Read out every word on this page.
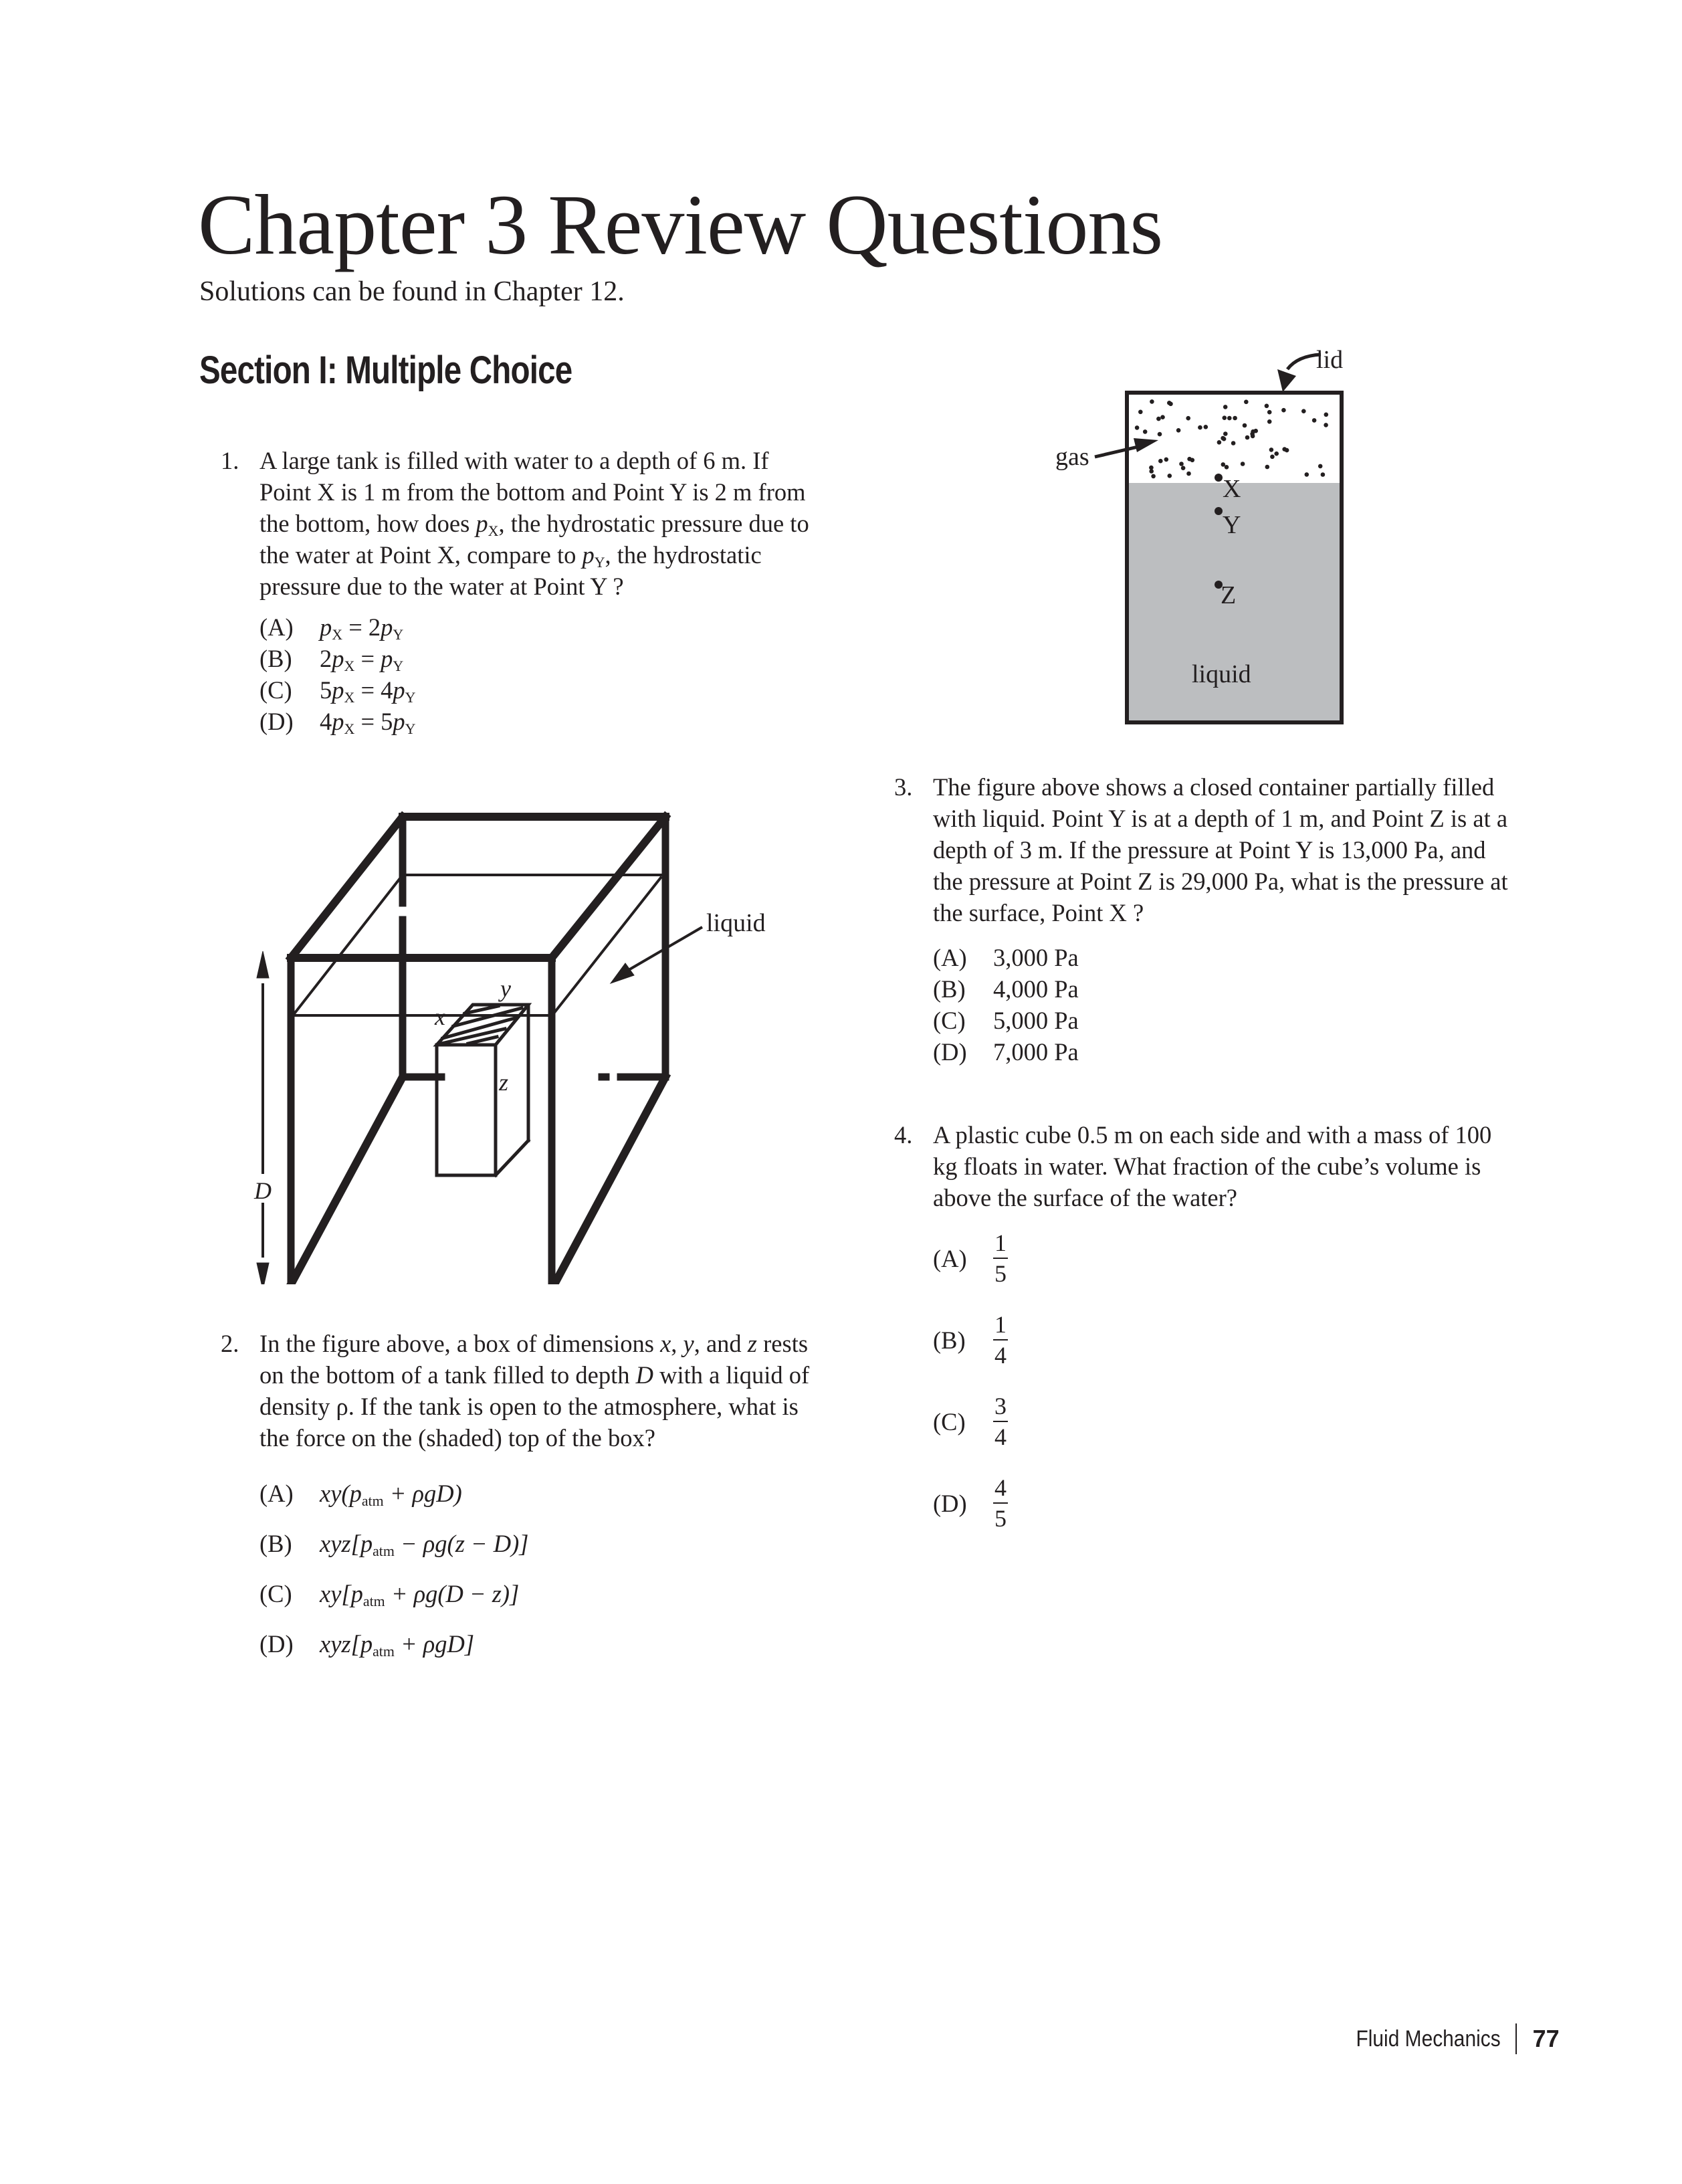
Chapter 3 Review Questions

Solutions can be found in Chapter 12.

Section I: Multiple Choice
1. A large tank is filled with water to a depth of 6 m. If Point X is 1 m from the bottom and Point Y is 2 m from the bottom, how does $p_X$, the hydrostatic pressure due to the water at Point X, compare to $p_Y$, the hydrostatic pressure due to the water at Point Y ?
(A)	$p_X = 2p_Y$
(B)	$2p_X = p_Y$
(C)	$5p_X = 4p_Y$
(D)	$4p_X = 5p_Y$
D
x
y
z
liquid
2. In the figure above, a box of dimensions x, y, and z rests on the bottom of a tank filled to depth D with a liquid of density ρ. If the tank is open to the atmosphere, what is the force on the (shaded) top of the box?
(A)	$xy(p_{atm} + \rho gD)$
(B)	$xyz[p_{atm} - \rho g(z - D)]$
(C)	$xy[p_{atm} + \rho g(D - z)]$
(D)	$xyz[p_{atm} + \rho gD]$
lid
gas
X
Y
Z
liquid
3. The figure above shows a closed container partially filled with liquid. Point Y is at a depth of 1 m, and Point Z is at a depth of 3 m. If the pressure at Point Y is 13,000 Pa, and the pressure at Point Z is 29,000 Pa, what is the pressure at the surface, Point X ?
(A)	3,000 Pa
(B)	4,000 Pa
(C)	5,000 Pa
(D)	7,000 Pa
4. A plastic cube 0.5 m on each side and with a mass of 100 kg floats in water. What fraction of the cube’s volume is above the surface of the water?
(A)	$\frac{1}{5}$
(B)	$\frac{1}{4}$
(C)	$\frac{3}{4}$
(D)	$\frac{4}{5}$
Fluid Mechanics 77
